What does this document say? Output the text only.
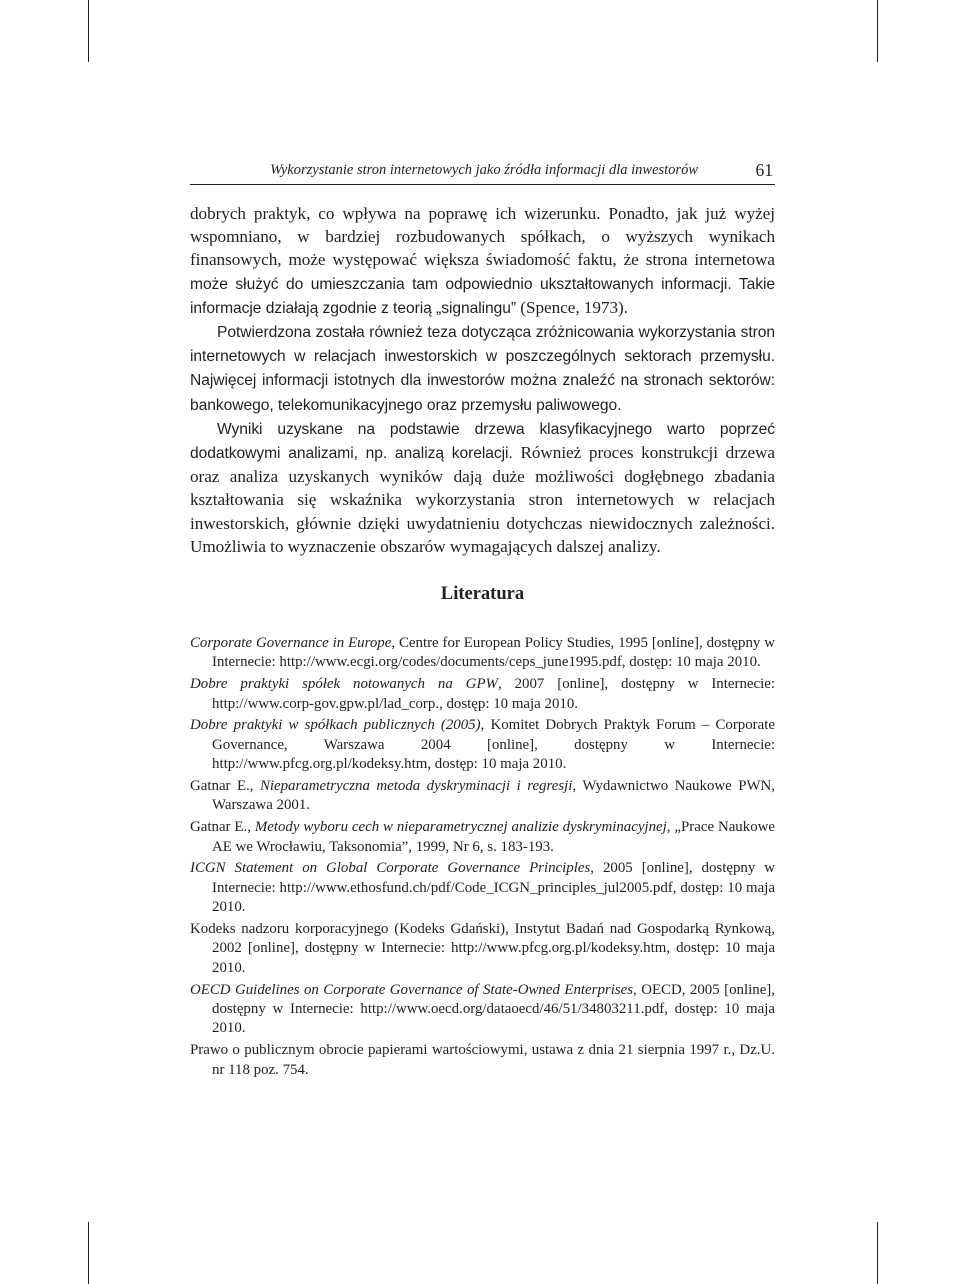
Wykorzystanie stron internetowych jako źródła informacji dla inwestorów	61

dobrych praktyk, co wpływa na poprawę ich wizerunku. Ponadto, jak już wyżej wspomniano, w bardziej rozbudowanych spółkach, o wyższych wynikach finansowych, może występować większa świadomość faktu, że strona internetowa może służyć do umieszczania tam odpowiednio ukształtowanych informacji. Takie informacje działają zgodnie z teorią „signalingu” (Spence, 1973).

Potwierdzona została również teza dotycząca zróżnicowania wykorzystania stron internetowych w relacjach inwestorskich w poszczególnych sektorach przemysłu. Najwięcej informacji istotnych dla inwestorów można znaleźć na stronach sektorów: bankowego, telekomunikacyjnego oraz przemysłu paliwowego.

Wyniki uzyskane na podstawie drzewa klasyfikacyjnego warto poprzeć dodatkowymi analizami, np. analizą korelacji. Również proces konstrukcji drzewa oraz analiza uzyskanych wyników dają duże możliwości dogłębnego zbadania kształtowania się wskaźnika wykorzystania stron internetowych w relacjach inwestorskich, głównie dzięki uwydatnieniu dotychczas niewidocznych zależności. Umożliwia to wyznaczenie obszarów wymagających dalszej analizy.

Literatura

Corporate Governance in Europe, Centre for European Policy Studies, 1995 [online], dostępny w Internecie: http://www.ecgi.org/codes/documents/ceps_june1995.pdf, dostęp: 10 maja 2010.

Dobre praktyki spółek notowanych na GPW, 2007 [online], dostępny w Internecie: http://www.corp-gov.gpw.pl/lad_corp., dostęp: 10 maja 2010.

Dobre praktyki w spółkach publicznych (2005), Komitet Dobrych Praktyk Forum – Corporate Governance, Warszawa 2004 [online], dostępny w Internecie: http://www.pfcg.org.pl/kodeksy.htm, dostęp: 10 maja 2010.

Gatnar E., Nieparametryczna metoda dyskryminacji i regresji, Wydawnictwo Naukowe PWN, Warszawa 2001.

Gatnar E., Metody wyboru cech w nieparametrycznej analizie dyskryminacyjnej, „Prace Naukowe AE we Wrocławiu, Taksonomia”, 1999, Nr 6, s. 183-193.

ICGN Statement on Global Corporate Governance Principles, 2005 [online], dostępny w Internecie: http://www.ethosfund.ch/pdf/Code_ICGN_principles_jul2005.pdf, dostęp: 10 maja 2010.

Kodeks nadzoru korporacyjnego (Kodeks Gdański), Instytut Badań nad Gospodarką Rynkową, 2002 [online], dostępny w Internecie: http://www.pfcg.org.pl/kodeksy.htm, dostęp: 10 maja 2010.

OECD Guidelines on Corporate Governance of State-Owned Enterprises, OECD, 2005 [online], dostępny w Internecie: http://www.oecd.org/dataoecd/46/51/34803211.pdf, dostęp: 10 maja 2010.

Prawo o publicznym obrocie papierami wartościowymi, ustawa z dnia 21 sierpnia 1997 r., Dz.U. nr 118 poz. 754.
